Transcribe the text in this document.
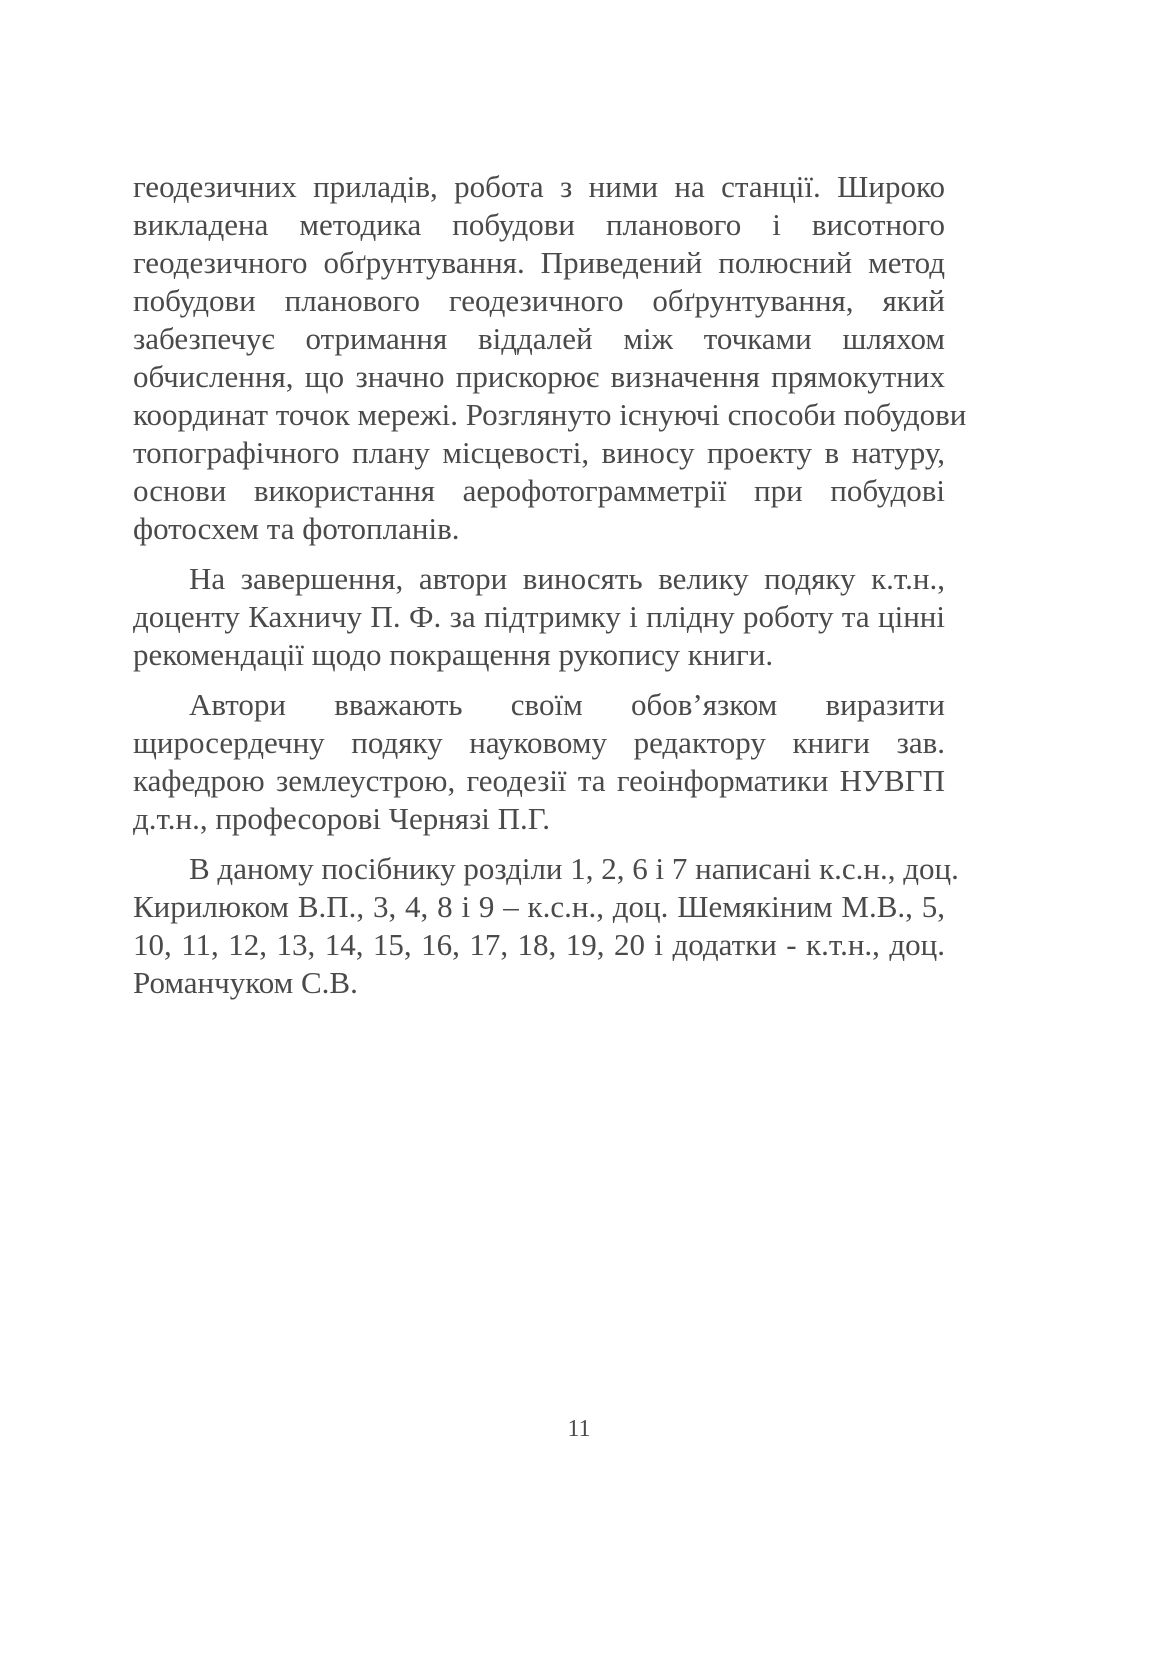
геодезичних приладів, робота з ними на станції. Широко
викладена методика побудови планового і висотного
геодезичного обґрунтування. Приведений полюсний метод
побудови планового геодезичного обґрунтування, який
забезпечує отримання віддалей між точками шляхом
обчислення, що значно прискорює визначення прямокутних
координат точок мережі. Розглянуто існуючі способи побудови
топографічного плану місцевості, виносу проекту в натуру,
основи використання аерофотограмметрії при побудові
фотосхем та фотопланів.
На завершення, автори виносять велику подяку к.т.н.,
доценту Кахничу П. Ф. за підтримку і плідну роботу та цінні
рекомендації щодо покращення рукопису книги.
Автори вважають своїм обов’язком виразити
щиросердечну подяку науковому редактору книги зав.
кафедрою землеустрою, геодезії та геоінформатики НУВГП
д.т.н., професорові Чернязі П.Г.
В даному посібнику розділи 1, 2, 6 і 7 написані к.с.н., доц.
Кирилюком В.П., 3, 4, 8 і 9 – к.с.н., доц. Шемякіним М.В., 5,
10, 11, 12, 13, 14, 15, 16, 17, 18, 19, 20 і додатки - к.т.н., доц.
Романчуком С.В.
11
